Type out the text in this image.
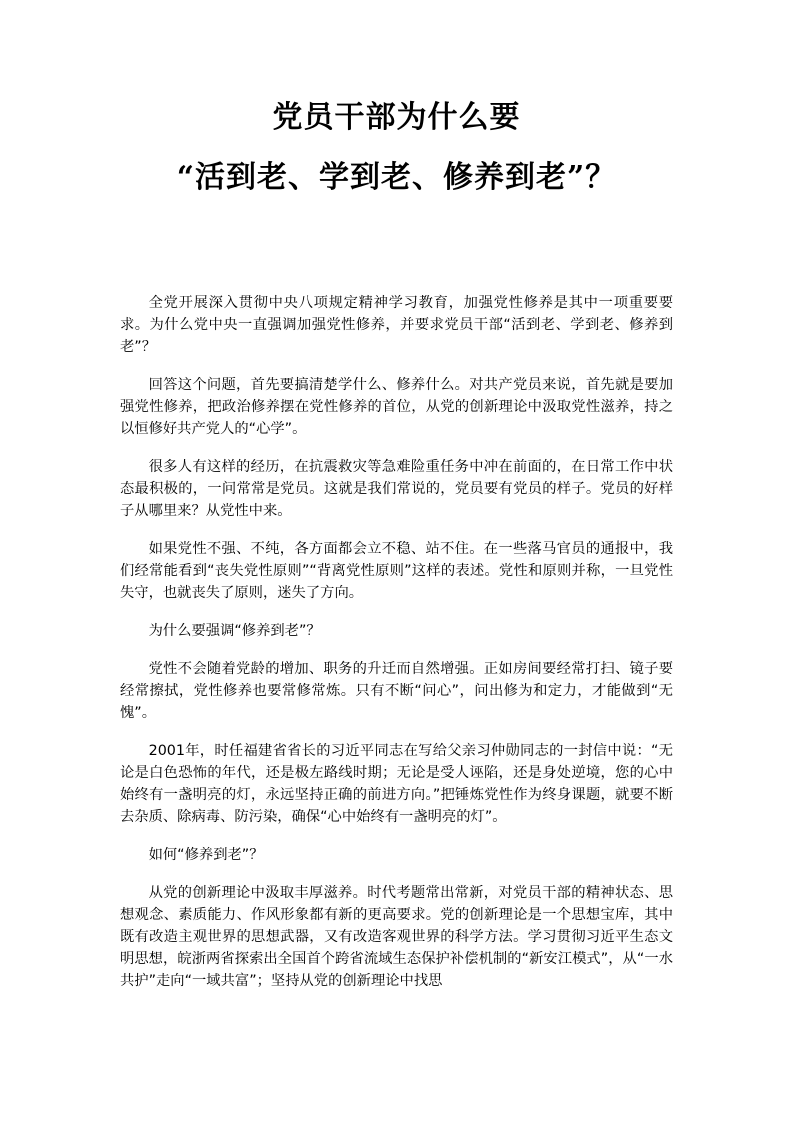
党员干部为什么要
“活到老、学到老、修养到老”？

全党开展深入贯彻中央八项规定精神学习教育，加强党性修养是其中一项重要要求。为什么党中央一直强调加强党性修养，并要求党员干部“活到老、学到老、修养到老”？

回答这个问题，首先要搞清楚学什么、修养什么。对共产党员来说，首先就是要加强党性修养，把政治修养摆在党性修养的首位，从党的创新理论中汲取党性滋养，持之以恒修好共产党人的“心学”。

很多人有这样的经历，在抗震救灾等急难险重任务中冲在前面的，在日常工作中状态最积极的，一问常常是党员。这就是我们常说的，党员要有党员的样子。党员的好样子从哪里来？从党性中来。

如果党性不强、不纯，各方面都会立不稳、站不住。在一些落马官员的通报中，我们经常能看到“丧失党性原则”“背离党性原则”这样的表述。党性和原则并称，一旦党性失守，也就丧失了原则，迷失了方向。

为什么要强调“修养到老”？

党性不会随着党龄的增加、职务的升迁而自然增强。正如房间要经常打扫、镜子要经常擦拭，党性修养也要常修常炼。只有不断“问心”，问出修为和定力，才能做到“无愧”。

2001年，时任福建省省长的习近平同志在写给父亲习仲勋同志的一封信中说：“无论是白色恐怖的年代，还是极左路线时期；无论是受人诬陷，还是身处逆境，您的心中始终有一盏明亮的灯，永远坚持正确的前进方向。”把锤炼党性作为终身课题，就要不断去杂质、除病毒、防污染，确保“心中始终有一盏明亮的灯”。

如何“修养到老”？

从党的创新理论中汲取丰厚滋养。时代考题常出常新，对党员干部的精神状态、思想观念、素质能力、作风形象都有新的更高要求。党的创新理论是一个思想宝库，其中既有改造主观世界的思想武器，又有改造客观世界的科学方法。学习贯彻习近平生态文明思想，皖浙两省探索出全国首个跨省流域生态保护补偿机制的“新安江模式”，从“一水共护”走向“一域共富”；坚持从党的创新理论中找思
